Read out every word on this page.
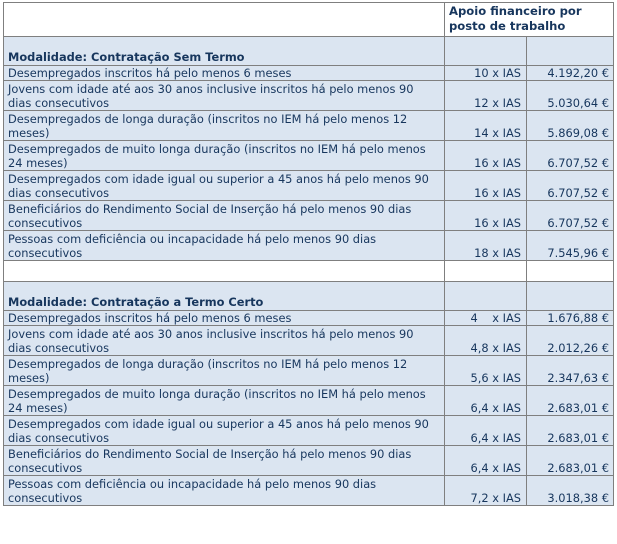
	Apoio financeiro por posto de trabalho	
Modalidade: Contratação Sem Termo		
Desempregados inscritos há pelo menos 6 meses	10 x IAS	4.192,20 €
Jovens com idade até aos 30 anos inclusive inscritos há pelo menos 90 dias consecutivos	12 x IAS	5.030,64 €
Desempregados de longa duração (inscritos no IEM há pelo menos 12 meses)	14 x IAS	5.869,08 €
Desempregados de muito longa duração (inscritos no IEM há pelo menos 24 meses)	16 x IAS	6.707,52 €
Desempregados com idade igual ou superior a 45 anos há pelo menos 90 dias consecutivos	16 x IAS	6.707,52 €
Beneficiários do Rendimento Social de Inserção há pelo menos 90 dias consecutivos	16 x IAS	6.707,52 €
Pessoas com deficiência ou incapacidade há pelo menos 90 dias consecutivos	18 x IAS	7.545,96 €

Modalidade: Contratação a Termo Certo		
Desempregados inscritos há pelo menos 6 meses	4    x IAS	1.676,88 €
Jovens com idade até aos 30 anos inclusive inscritos há pelo menos 90 dias consecutivos	4,8 x IAS	2.012,26 €
Desempregados de longa duração (inscritos no IEM há pelo menos 12 meses)	5,6 x IAS	2.347,63 €
Desempregados de muito longa duração (inscritos no IEM há pelo menos 24 meses)	6,4 x IAS	2.683,01 €
Desempregados com idade igual ou superior a 45 anos há pelo menos 90 dias consecutivos	6,4 x IAS	2.683,01 €
Beneficiários do Rendimento Social de Inserção há pelo menos 90 dias consecutivos	6,4 x IAS	2.683,01 €
Pessoas com deficiência ou incapacidade há pelo menos 90 dias consecutivos	7,2 x IAS	3.018,38 €
